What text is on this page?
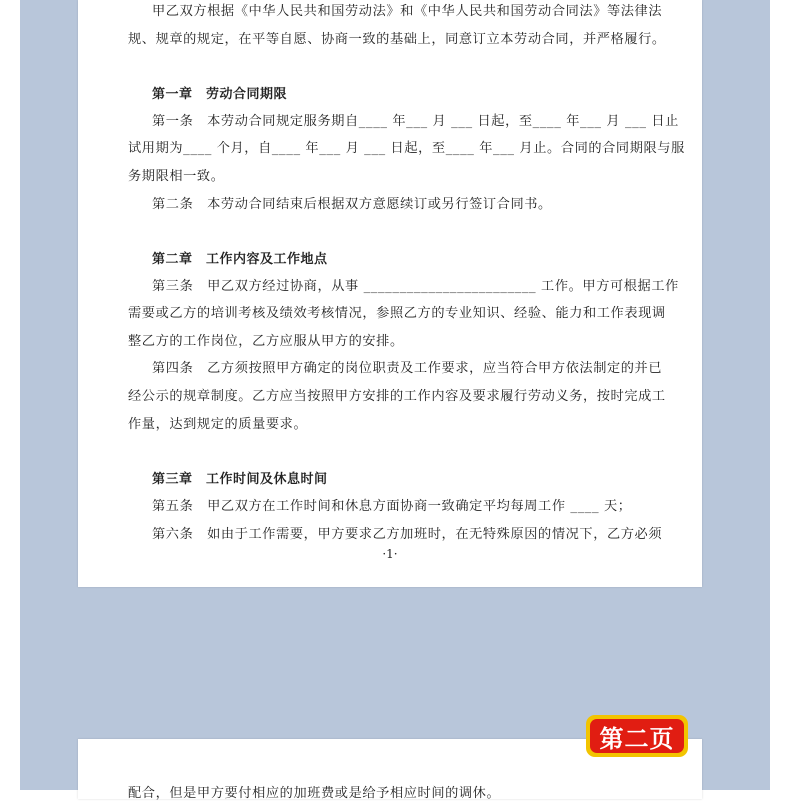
甲乙双方根据《中华人民共和国劳动法》和《中华人民共和国劳动合同法》等法律法
规、规章的规定，在平等自愿、协商一致的基础上，同意订立本劳动合同，并严格履行。
第一章　劳动合同期限
第一条　本劳动合同规定服务期自____ 年___ 月 ___ 日起，至____ 年___ 月 ___ 日止
试用期为____ 个月，自____ 年___ 月 ___ 日起，至____ 年___ 月止。合同的合同期限与服
务期限相一致。
第二条　本劳动合同结束后根据双方意愿续订或另行签订合同书。
第二章　工作内容及工作地点
第三条　甲乙双方经过协商，从事 ________________________ 工作。甲方可根据工作
需要或乙方的培训考核及绩效考核情况，参照乙方的专业知识、经验、能力和工作表现调
整乙方的工作岗位，乙方应服从甲方的安排。
第四条　乙方须按照甲方确定的岗位职责及工作要求，应当符合甲方依法制定的并已
经公示的规章制度。乙方应当按照甲方安排的工作内容及要求履行劳动义务，按时完成工
作量，达到规定的质量要求。
第三章　工作时间及休息时间
第五条　甲乙双方在工作时间和休息方面协商一致确定平均每周工作 ____ 天；
第六条　如由于工作需要，甲方要求乙方加班时，在无特殊原因的情况下，乙方必须
·1·
配合，但是甲方要付相应的加班费或是给予相应时间的调休。
第二页
